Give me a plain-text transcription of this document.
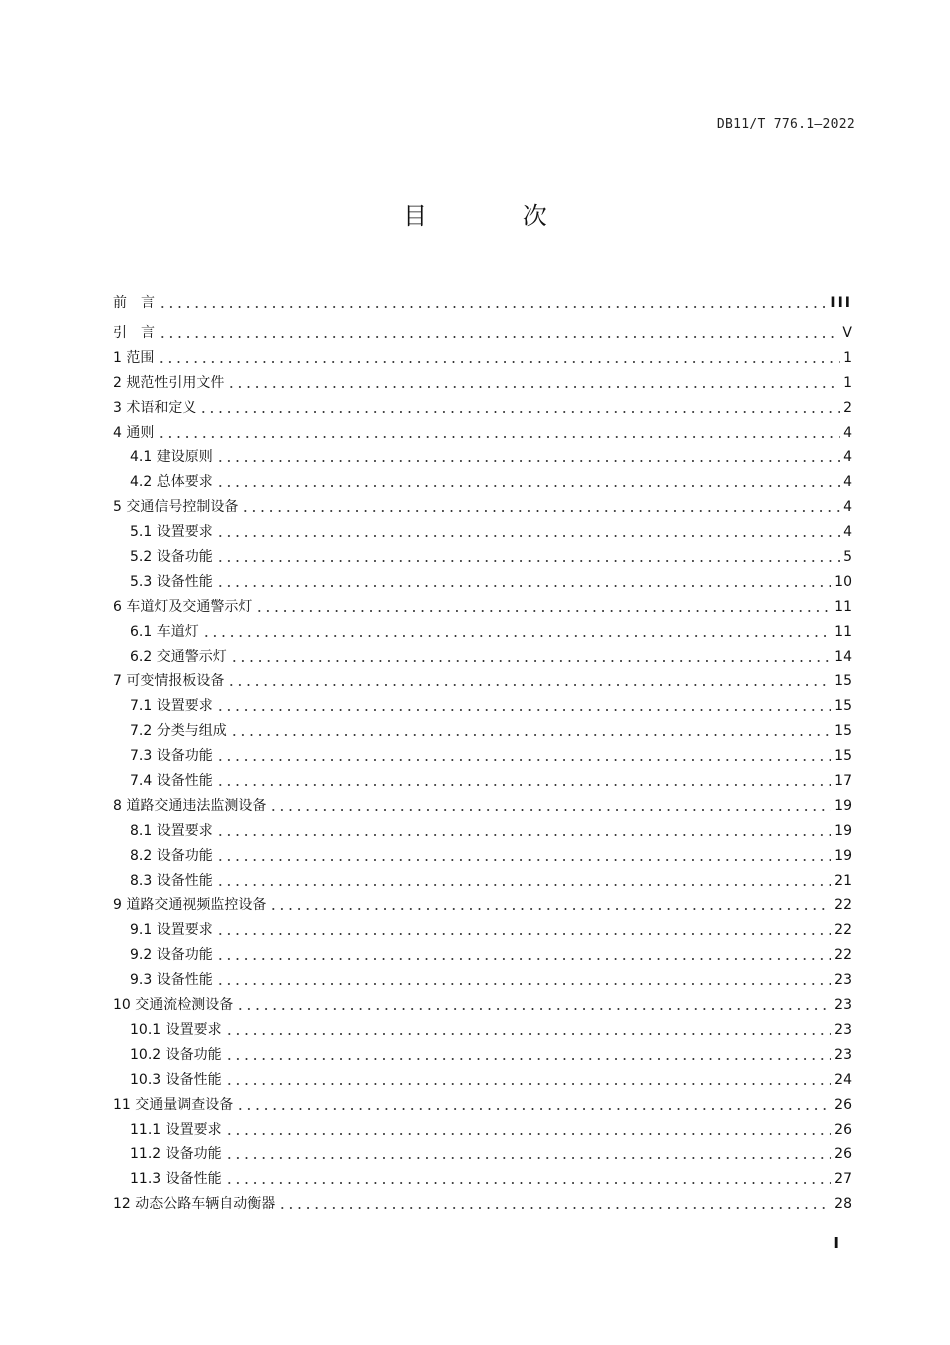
DB11/T 776.1—2022
目 次
前　言	III
引　言	V
1 范围	1
2 规范性引用文件	1
3 术语和定义	2
4 通则	4
4.1 建设原则	4
4.2 总体要求	4
5 交通信号控制设备	4
5.1 设置要求	4
5.2 设备功能	5
5.3 设备性能	10
6 车道灯及交通警示灯	11
6.1 车道灯	11
6.2 交通警示灯	14
7 可变情报板设备	15
7.1 设置要求	15
7.2 分类与组成	15
7.3 设备功能	15
7.4 设备性能	17
8 道路交通违法监测设备	19
8.1 设置要求	19
8.2 设备功能	19
8.3 设备性能	21
9 道路交通视频监控设备	22
9.1 设置要求	22
9.2 设备功能	22
9.3 设备性能	23
10 交通流检测设备	23
10.1 设置要求	23
10.2 设备功能	23
10.3 设备性能	24
11 交通量调查设备	26
11.1 设置要求	26
11.2 设备功能	26
11.3 设备性能	27
12 动态公路车辆自动衡器	28
I
